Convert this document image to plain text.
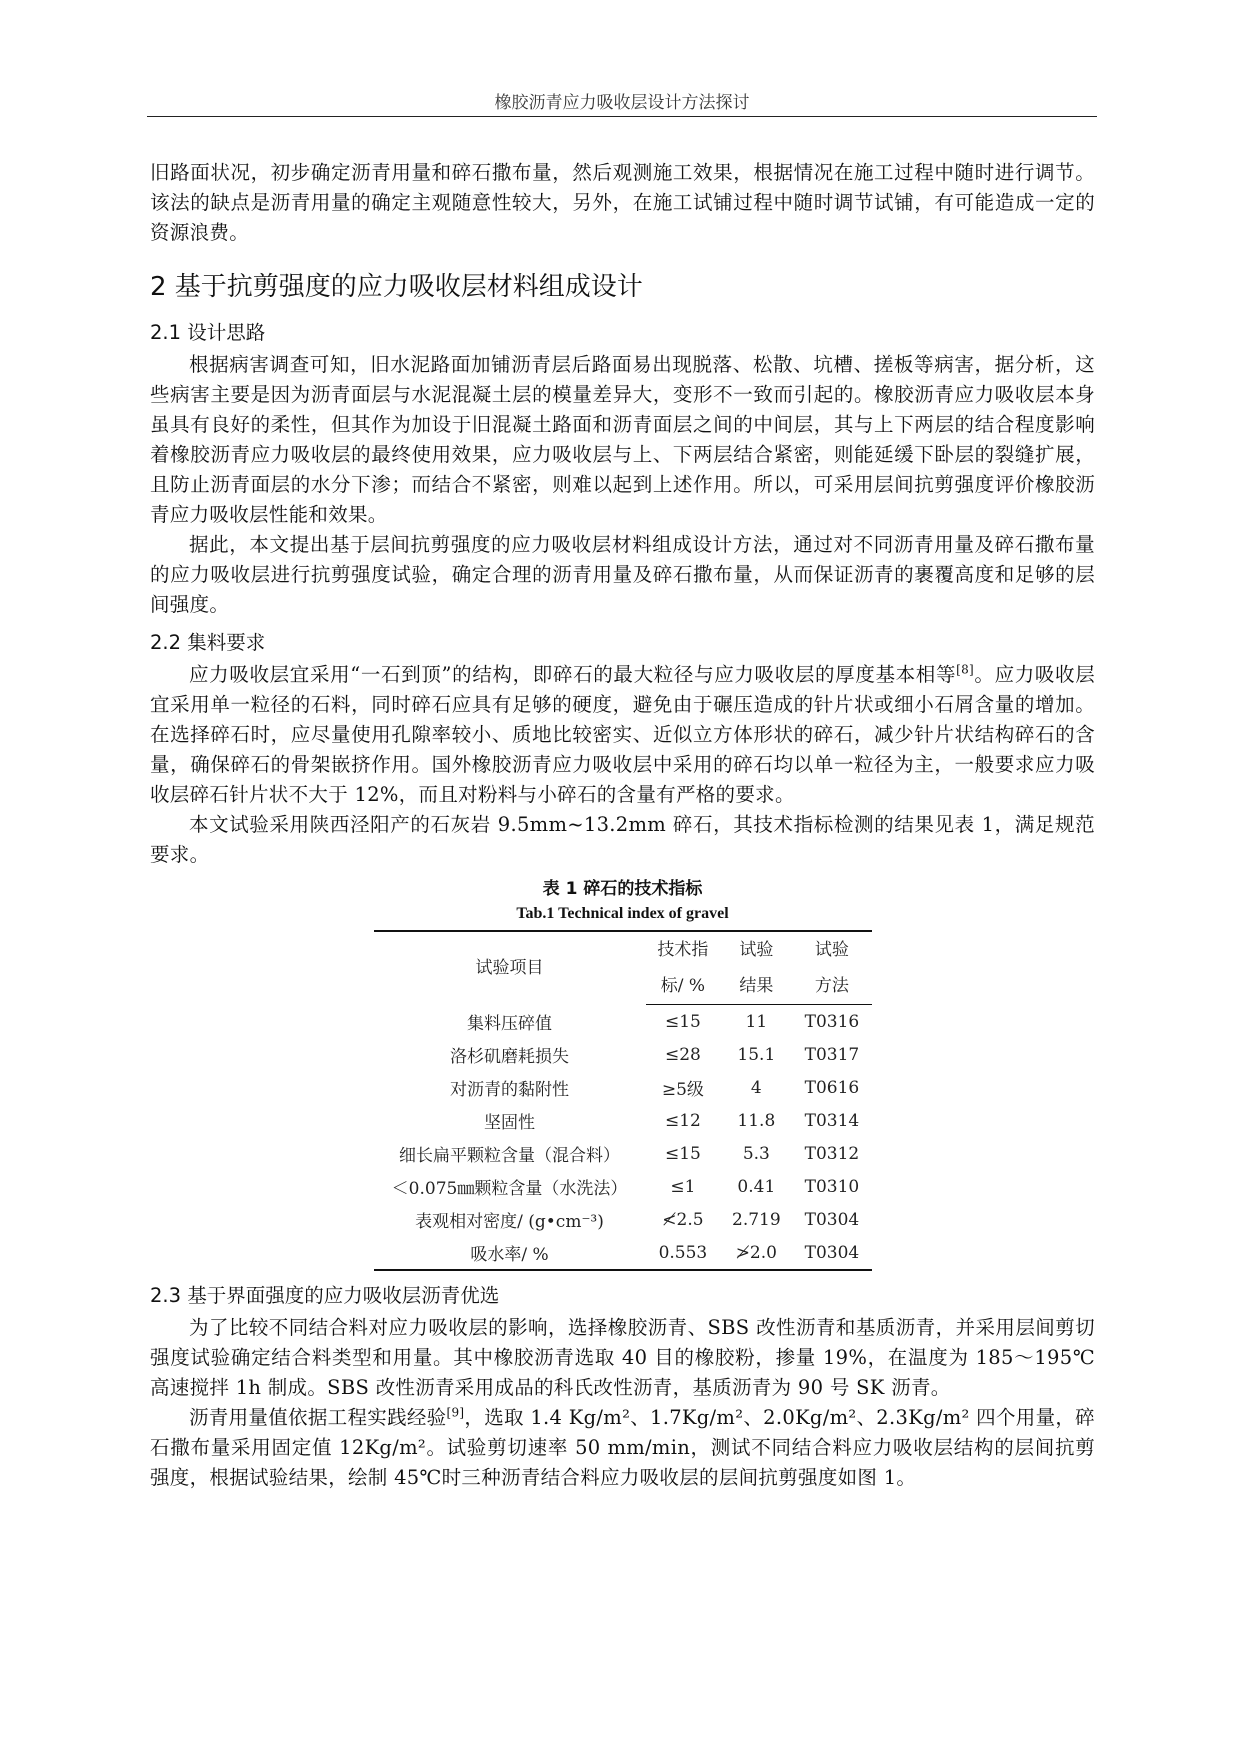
橡胶沥青应力吸收层设计方法探讨

旧路面状况，初步确定沥青用量和碎石撒布量，然后观测施工效果，根据情况在施工过程中随时进行调节。该法的缺点是沥青用量的确定主观随意性较大，另外，在施工试铺过程中随时调节试铺，有可能造成一定的资源浪费。

2 基于抗剪强度的应力吸收层材料组成设计
2.1 设计思路

根据病害调查可知，旧水泥路面加铺沥青层后路面易出现脱落、松散、坑槽、搓板等病害，据分析，这些病害主要是因为沥青面层与水泥混凝土层的模量差异大，变形不一致而引起的。橡胶沥青应力吸收层本身虽具有良好的柔性，但其作为加设于旧混凝土路面和沥青面层之间的中间层，其与上下两层的结合程度影响着橡胶沥青应力吸收层的最终使用效果，应力吸收层与上、下两层结合紧密，则能延缓下卧层的裂缝扩展，且防止沥青面层的水分下渗；而结合不紧密，则难以起到上述作用。所以，可采用层间抗剪强度评价橡胶沥青应力吸收层性能和效果。

据此，本文提出基于层间抗剪强度的应力吸收层材料组成设计方法，通过对不同沥青用量及碎石撒布量的应力吸收层进行抗剪强度试验，确定合理的沥青用量及碎石撒布量，从而保证沥青的裹覆高度和足够的层间强度。

2.2 集料要求

应力吸收层宜采用“一石到顶”的结构，即碎石的最大粒径与应力吸收层的厚度基本相等[8]。应力吸收层宜采用单一粒径的石料，同时碎石应具有足够的硬度，避免由于碾压造成的针片状或细小石屑含量的增加。在选择碎石时，应尽量使用孔隙率较小、质地比较密实、近似立方体形状的碎石，减少针片状结构碎石的含量，确保碎石的骨架嵌挤作用。国外橡胶沥青应力吸收层中采用的碎石均以单一粒径为主，一般要求应力吸收层碎石针片状不大于 12%，而且对粉料与小碎石的含量有严格的要求。

本文试验采用陕西泾阳产的石灰岩 9.5mm~13.2mm 碎石，其技术指标检测的结果见表 1，满足规范要求。

表 1 碎石的技术指标
Tab.1 Technical index of gravel
试验项目	技术指	试验	试验
	标/ %	结果	方法
集料压碎值	≤15	11	T0316
洛杉矶磨耗损失	≤28	15.1	T0317
对沥青的黏附性	≥5级	4	T0616
坚固性	≤12	11.8	T0314
细长扁平颗粒含量（混合料）	≤15	5.3	T0312
＜0.075㎜颗粒含量（水洗法）	≤1	0.41	T0310
表观相对密度/ (g•cm⁻³)	≮2.5	2.719	T0304
吸水率/ %	0.553	≯2.0	T0304
2.3 基于界面强度的应力吸收层沥青优选

为了比较不同结合料对应力吸收层的影响，选择橡胶沥青、SBS 改性沥青和基质沥青，并采用层间剪切强度试验确定结合料类型和用量。其中橡胶沥青选取 40 目的橡胶粉，掺量 19%，在温度为 185～195℃高速搅拌 1h 制成。SBS 改性沥青采用成品的科氏改性沥青，基质沥青为 90 号 SK 沥青。

沥青用量值依据工程实践经验[9]，选取 1.4 Kg/m²、1.7Kg/m²、2.0Kg/m²、2.3Kg/m² 四个用量，碎石撒布量采用固定值 12Kg/m²。试验剪切速率 50 mm/min，测试不同结合料应力吸收层结构的层间抗剪强度，根据试验结果，绘制 45℃时三种沥青结合料应力吸收层的层间抗剪强度如图 1。
